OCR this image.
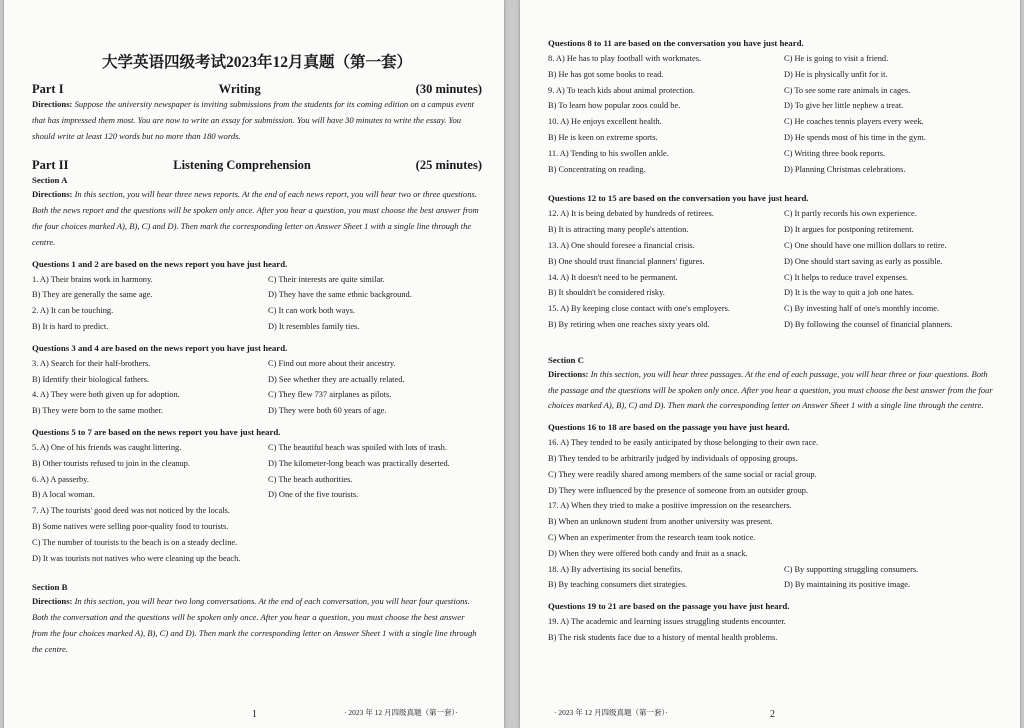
大学英语四级考试2023年12月真题（第一套）
Part I	Writing	(30 minutes)

Directions: Suppose the university newspaper is inviting submissions from the students for its coming edition on a campus event that has impressed them most. You are now to write an essay for submission. You will have 30 minutes to write the essay. You should write at least 120 words but no more than 180 words.

Part II	Listening Comprehension	(25 minutes)
Section A

Directions: In this section, you will hear three news reports. At the end of each news report, you will hear two or three questions. Both the news report and the questions will be spoken only once. After you hear a question, you must choose the best answer from the four choices marked A), B), C) and D). Then mark the corresponding letter on Answer Sheet 1 with a single line through the centre.

Questions 1 and 2 are based on the news report you have just heard.
1. A) Their brains work in harmony.	C) Their interests are quite similar.
B) They are generally the same age.	D) They have the same ethnic background.
2. A) It can be touching.	C) It can work both ways.
B) It is hard to predict.	D) It resembles family ties.
Questions 3 and 4 are based on the news report you have just heard.
3. A) Search for their half-brothers.	C) Find out more about their ancestry.
B) Identify their biological fathers.	D) See whether they are actually related.
4. A) They were both given up for adoption.	C) They flew 737 airplanes as pilots.
B) They were born to the same mother.	D) They were both 60 years of age.
Questions 5 to 7 are based on the news report you have just heard.
5. A) One of his friends was caught littering.	C) The beautiful beach was spoiled with lots of trash.
B) Other tourists refused to join in the cleanup.	D) The kilometer-long beach was practically deserted.
6. A) A passerby.	C) The beach authorities.
B) A local woman.	D) One of the five tourists.
7. A) The tourists' good deed was not noticed by the locals.
B) Some natives were selling poor-quality food to tourists.
C) The number of tourists to the beach is on a steady decline.
D) It was tourists not natives who were cleaning up the beach.
Section B

Directions: In this section, you will hear two long conversations. At the end of each conversation, you will hear four questions. Both the conversation and the questions will be spoken only once. After you hear a question, you must choose the best answer from the four choices marked A), B), C) and D). Then mark the corresponding letter on Answer Sheet 1 with a single line through the centre.

1	· 2023 年 12 月四级真题（第一套）·
Questions 8 to 11 are based on the conversation you have just heard.
8. A) He has to play football with workmates.	C) He is going to visit a friend.
B) He has got some books to read.	D) He is physically unfit for it.
9. A) To teach kids about animal protection.	C) To see some rare animals in cages.
B) To learn how popular zoos could be.	D) To give her little nephew a treat.
10. A) He enjoys excellent health.	C) He coaches tennis players every week.
B) He is keen on extreme sports.	D) He spends most of his time in the gym.
11. A) Tending to his swollen ankle.	C) Writing three book reports.
B) Concentrating on reading.	D) Planning Christmas celebrations.
Questions 12 to 15 are based on the conversation you have just heard.
12. A) It is being debated by hundreds of retirees.	C) It partly records his own experience.
B) It is attracting many people's attention.	D) It argues for postponing retirement.
13. A) One should foresee a financial crisis.	C) One should have one million dollars to retire.
B) One should trust financial planners' figures.	D) One should start saving as early as possible.
14. A) It doesn't need to be permanent.	C) It helps to reduce travel expenses.
B) It shouldn't be considered risky.	D) It is the way to quit a job one hates.
15. A) By keeping close contact with one's employers.	C) By investing half of one's monthly income.
B) By retiring when one reaches sixty years old.	D) By following the counsel of financial planners.
Section C

Directions: In this section, you will hear three passages. At the end of each passage, you will hear three or four questions. Both the passage and the questions will be spoken only once. After you hear a question, you must choose the best answer from the four choices marked A), B), C) and D). Then mark the corresponding letter on Answer Sheet 1 with a single line through the centre.

Questions 16 to 18 are based on the passage you have just heard.
16. A) They tended to be easily anticipated by those belonging to their own race.
B) They tended to be arbitrarily judged by individuals of opposing groups.
C) They were readily shared among members of the same social or racial group.
D) They were influenced by the presence of someone from an outsider group.
17. A) When they tried to make a positive impression on the researchers.
B) When an unknown student from another university was present.
C) When an experimenter from the research team took notice.
D) When they were offered both candy and fruit as a snack.
18. A) By advertising its social benefits.	C) By supporting struggling consumers.
B) By teaching consumers diet strategies.	D) By maintaining its positive image.
Questions 19 to 21 are based on the passage you have just heard.
19. A) The academic and learning issues struggling students encounter.
B) The risk students face due to a history of mental health problems.
· 2023 年 12 月四级真题（第一套）·	2
